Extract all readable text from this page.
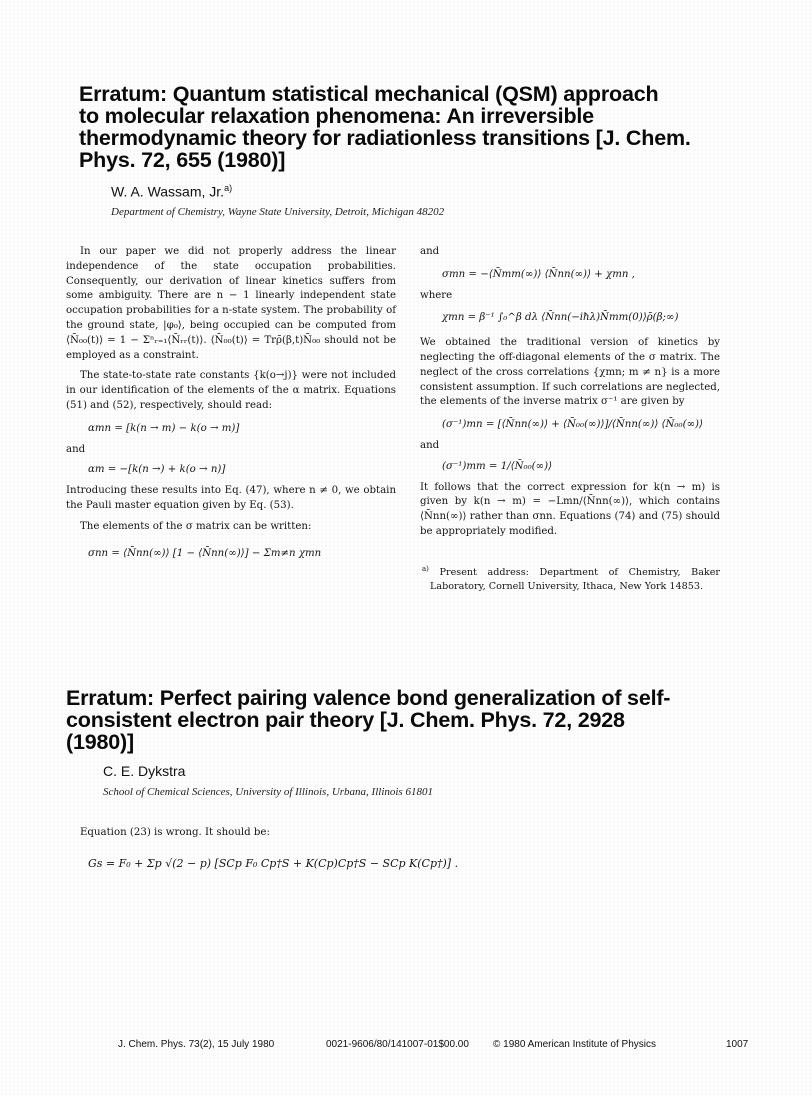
Erratum: Quantum statistical mechanical (QSM) approach
to molecular relaxation phenomena: An irreversible
thermodynamic theory for radiationless transitions [J. Chem.
Phys. 72, 655 (1980)]
W. A. Wassam, Jr.$^{a)}$
Department of Chemistry, Wayne State University, Detroit, Michigan 48202

In our paper we did not properly address the linear independence of the state occupation probabilities. Consequently, our derivation of linear kinetics suffers from some ambiguity. There are n − 1 linearly independent state occupation probabilities for a n-state system. The probability of the ground state, |φ₀⟩, being occupied can be computed from ⟨N̄₀₀(t)⟩ = 1 − Σⁿᵣ₌₁⟨N̄ᵣᵣ(t)⟩. ⟨N̄₀₀(t)⟩ = Trρ̄(β,t)N̄₀₀ should not be employed as a constraint.

The state-to-state rate constants {k(o→j)} were not included in our identification of the elements of the α matrix. Equations (51) and (52), respectively, should read:

αmn = [k(n → m) − k(o → m)]

and

αm = −[k(n →) + k(o → n)]

Introducing these results into Eq. (47), where n ≠ 0, we obtain the Pauli master equation given by Eq. (53).

The elements of the σ matrix can be written:

σnn = ⟨N̄nn(∞)⟩ [1 − ⟨N̄nn(∞)⟩] − Σm≠n χmn

and

σmn = −⟨N̄mm(∞)⟩ ⟨N̄nn(∞)⟩ + χmn ,

where

χmn = β⁻¹ ∫₀^β dλ ⟨N̄nn(−iħλ)N̄mm(0)⟩ρ̄(β;∞)

We obtained the traditional version of kinetics by neglecting the off-diagonal elements of the σ matrix. The neglect of the cross correlations {χmn; m ≠ n} is a more consistent assumption. If such correlations are neglected, the elements of the inverse matrix σ⁻¹ are given by

(σ⁻¹)mn = [⟨N̄nn(∞)⟩ + ⟨N̄₀₀(∞)⟩]/⟨N̄nn(∞)⟩ ⟨N̄₀₀(∞)⟩

and

(σ⁻¹)mm = 1/⟨N̄₀₀(∞)⟩

It follows that the correct expression for k(n → m) is given by k(n → m) = −Lmn/⟨N̄nn(∞)⟩, which contains ⟨N̄nn(∞)⟩ rather than σnn. Equations (74) and (75) should be appropriately modified.

$^{a)}$ Present address: Department of Chemistry, Baker Laboratory, Cornell University, Ithaca, New York 14853.
Erratum: Perfect pairing valence bond generalization of self-
consistent electron pair theory [J. Chem. Phys. 72, 2928
(1980)]
C. E. Dykstra
School of Chemical Sciences, University of Illinois, Urbana, Illinois 61801

Equation (23) is wrong. It should be:

Gs = F₀ + Σp √(2 − p) [SCp F₀ Cp†S + K(Cp)Cp†S − SCp K(Cp†)] .
J. Chem. Phys. 73(2), 15 July 1980	0021-9606/80/141007-01$00.00 © 1980 American Institute of Physics	1007
